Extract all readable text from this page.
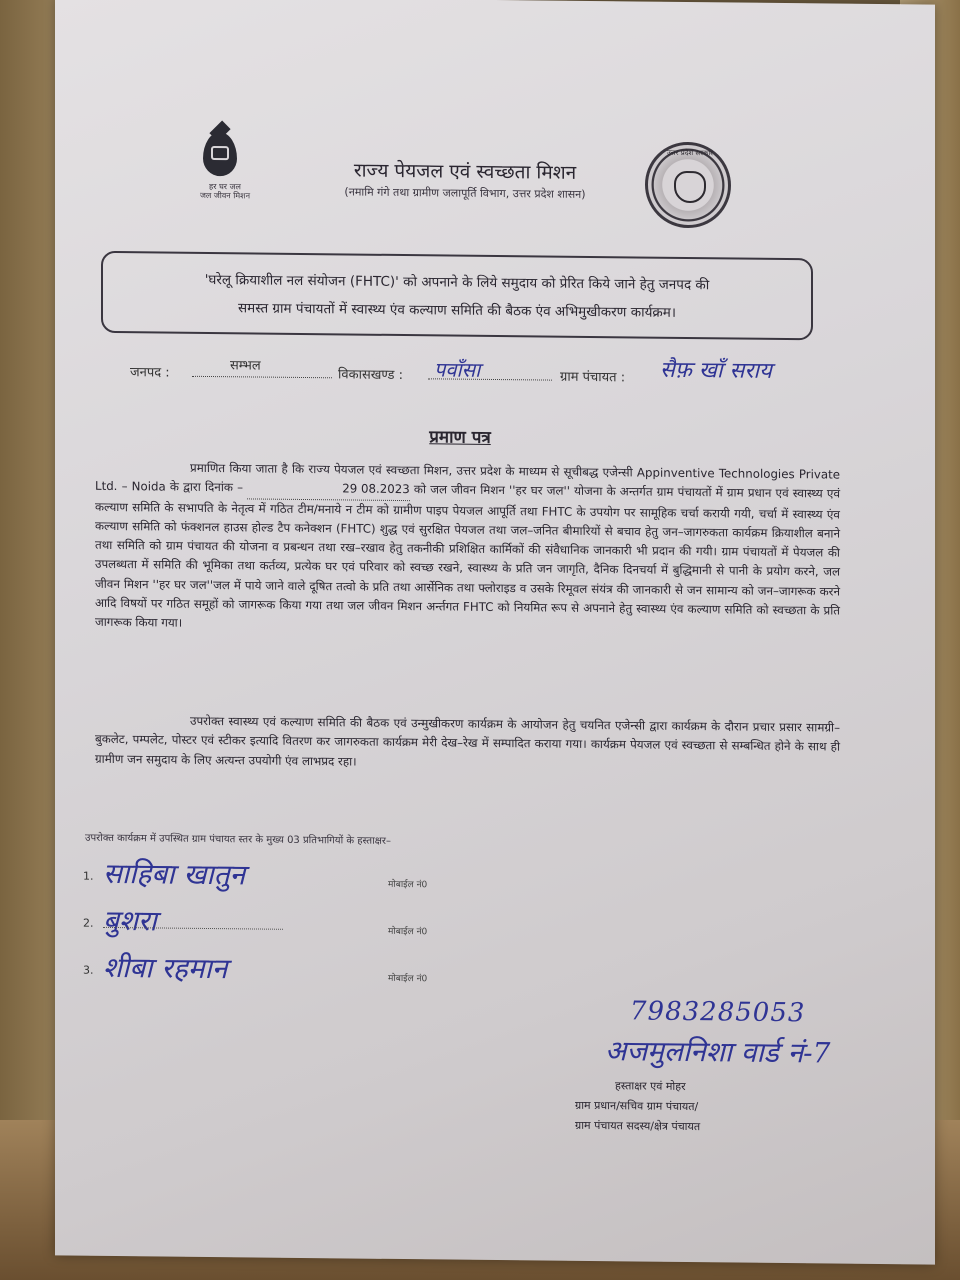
हर घर जल
जल जीवन मिशन
राज्य पेयजल एवं स्वच्छता मिशन
(नमामि गंगे तथा ग्रामीण जलापूर्ति विभाग, उत्तर प्रदेश शासन)
उत्तर प्रदेश सरकार
'घरेलू क्रियाशील नल संयोजन (FHTC)' को अपनाने के लिये समुदाय को प्रेरित किये जाने हेतु जनपद की
समस्त ग्राम पंचायतों में स्वास्थ्य एंव कल्याण समिति की बैठक एंव अभिमुखीकरण कार्यक्रम।
जनपद :	सम्भल
विकासखण्ड : पवाँसा	ग्राम पंचायत : सैफ़ खाँ सराय
प्रमाण पत्र

प्रमाणित किया जाता है कि राज्य पेयजल एवं स्वच्छता मिशन, उत्तर प्रदेश के माध्यम से सूचीबद्ध एजेन्सी Appinventive Technologies Private Ltd. – Noida के द्वारा दिनांक –	29 08.2023 को जल जीवन मिशन ''हर घर जल'' योजना के अन्तर्गत ग्राम पंचायतों में ग्राम प्रधान एवं स्वास्थ्य एवं कल्याण समिति के सभापति के नेतृत्व में गठित टीम/मनाये न टीम को ग्रामीण पाइप पेयजल आपूर्ति तथा FHTC के उपयोग पर सामूहिक चर्चा करायी गयी, चर्चा में स्वास्थ्य एंव कल्याण समिति को फंक्शनल हाउस होल्ड टैप कनेक्शन (FHTC) शुद्ध एवं सुरक्षित पेयजल तथा जल–जनित बीमारियों से बचाव हेतु जन–जागरुकता कार्यक्रम क्रियाशील बनाने तथा समिति को ग्राम पंचायत की योजना व प्रबन्धन तथा रख–रखाव हेतु तकनीकी प्रशिक्षित कार्मिकों की संवैधानिक जानकारी भी प्रदान की गयी। ग्राम पंचायतों में पेयजल की उपलब्धता में समिति की भूमिका तथा कर्तव्य, प्रत्येक घर एवं परिवार को स्वच्छ रखने, स्वास्थ्य के प्रति जन जागृति, दैनिक दिनचर्या में बुद्धिमानी से पानी के प्रयोग करने, जल जीवन मिशन ''हर घर जल''जल में पाये जाने वाले दूषित तत्वो के प्रति तथा आर्सेनिक तथा फ्लोराइड व उसके रिमूवल संयंत्र की जानकारी से जन सामान्य को जन–जागरूक करने आदि विषयों पर गठित समूहों को जागरूक किया गया तथा जल जीवन मिशन अर्न्तगत FHTC को नियमित रूप से अपनाने हेतु स्वास्थ्य एंव कल्याण समिति को स्वच्छता के प्रति जागरूक किया गया।

उपरोक्त स्वास्थ्य एवं कल्याण समिति की बैठक एवं उन्मुखीकरण कार्यक्रम के आयोजन हेतु चयनित एजेन्सी द्वारा कार्यक्रम के दौरान प्रचार प्रसार सामग्री–बुकलेट, पम्पलेट, पोस्टर एवं स्टीकर इत्यादि वितरण कर जागरुकता कार्यक्रम मेरी देख–रेख में सम्पादित कराया गया। कार्यक्रम पेयजल एवं स्वच्छता से सम्बन्धित होने के साथ ही ग्रामीण जन समुदाय के लिए अत्यन्त उपयोगी एंव लाभप्रद रहा।

उपरोक्त कार्यक्रम में उपस्थित ग्राम पंचायत स्तर के मुख्य 03 प्रतिभागियों के हस्ताक्षर–
1. साहिबा खातुन	मोबाईल नं0
2. बुशरा	मोबाईल नं0
3. शीबा रहमान	मोबाईल नं0
7983285053
अजमुलनिशा वार्ड नं-7
हस्ताक्षर एवं मोहर
ग्राम प्रधान/सचिव ग्राम पंचायत/
ग्राम पंचायत सदस्य/क्षेत्र पंचायत
